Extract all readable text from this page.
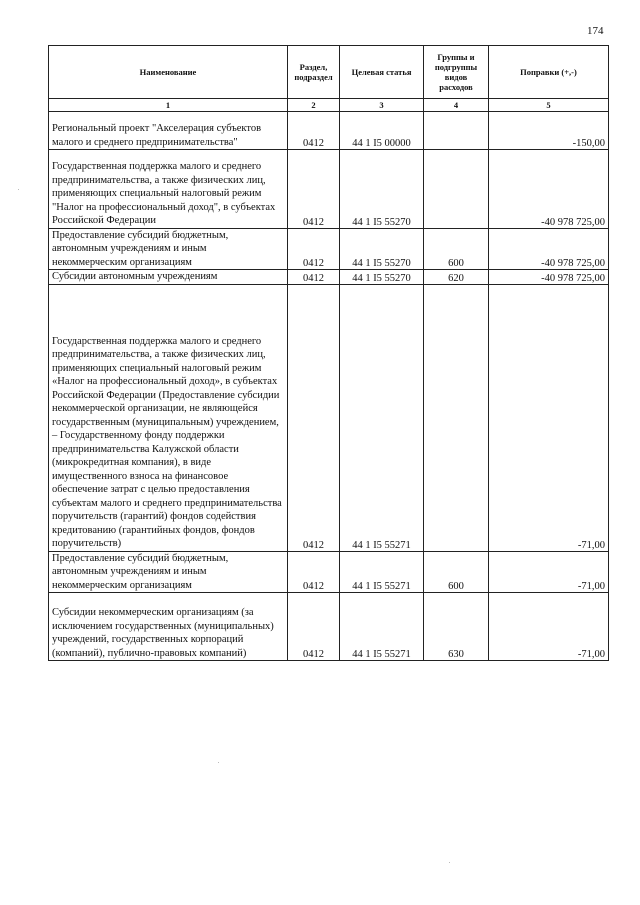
174
Наименование	Раздел, подраздел	Целевая статья	Группы и подгруппы видов расходов	Поправки (+,-)
1	2	3	4	5

Региональный проект "Акселерация субъектов малого и среднего предпринимательства"	0412	44 1 I5 00000		-150,00

Государственная поддержка малого и среднего предпринимательства, а также физических лиц, применяющих специальный налоговый режим "Налог на профессиональный доход", в субъектах Российской Федерации	0412	44 1 I5 55270		-40 978 725,00
Предоставление субсидий бюджетным, автономным учреждениям и иным некоммерческим организациям	0412	44 1 I5 55270	600	-40 978 725,00
Субсидии автономным учреждениям	0412	44 1 I5 55270	620	-40 978 725,00

Государственная поддержка малого и среднего предпринимательства, а также физических лиц, применяющих специальный налоговый режим «Налог на профессиональный доход», в субъектах Российской Федерации (Предоставление субсидии некоммерческой организации, не являющейся государственным (муниципальным) учреждением, – Государственному фонду поддержки предпринимательства Калужской области (микрокредитная компания), в виде имущественного взноса на финансовое обеспечение затрат с целью предоставления субъектам малого и среднего предпринимательства поручительств (гарантий) фондов содействия кредитованию (гарантийных фондов, фондов поручительств)	0412	44 1 I5 55271		-71,00
Предоставление субсидий бюджетным, автономным учреждениям и иным некоммерческим организациям	0412	44 1 I5 55271	600	-71,00

Субсидии некоммерческим организациям (за исключением государственных (муниципальных) учреждений, государственных корпораций (компаний), публично-правовых компаний)	0412	44 1 I5 55271	630	-71,00
